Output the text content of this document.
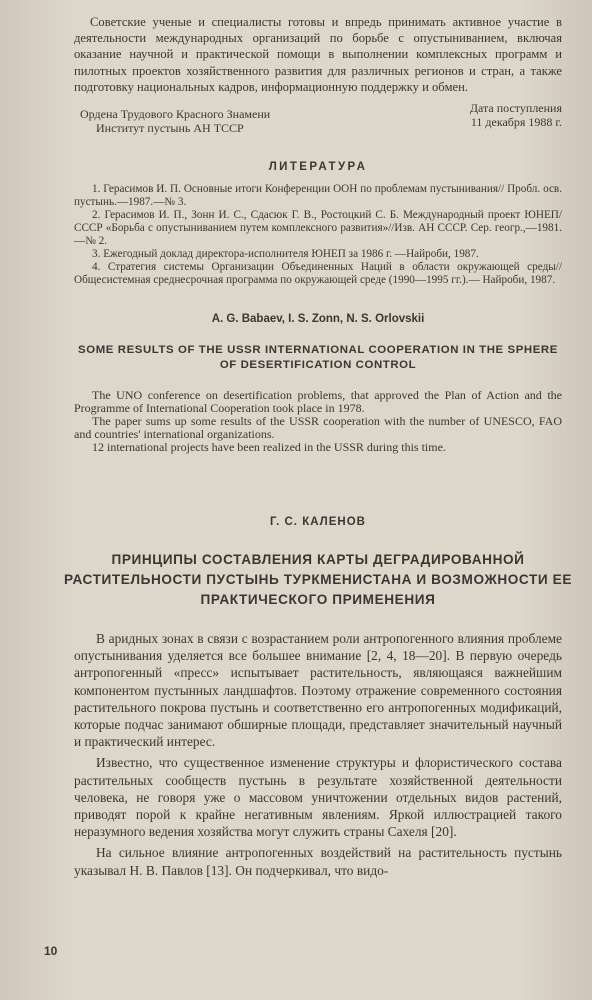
Советские ученые и специалисты готовы и впредь принимать активное участие в деятельности международных организаций по борьбе с опустыниванием, включая оказание научной и практической помощи в выполнении комплексных программ и пилотных проектов хозяйственного развития для различных регионов и стран, а также подготовку национальных кадров, информационную поддержку и обмен.

Ордена Трудового Красного Знамени
Институт пустынь АН ТССР
Дата поступления
11 декабря 1988 г.
ЛИТЕРАТУРА

1. Герасимов И. П. Основные итоги Конференции ООН по проблемам пустынивания// Пробл. осв. пустынь.—1987.—№ 3.

2. Герасимов И. П., Зонн И. С., Сдасюк Г. В., Ростоцкий С. Б. Международный проект ЮНЕП/СССР «Борьба с опустыниванием путем комплексного развития»//Изв. АН СССР. Сер. геогр.,—1981.—№ 2.

3. Ежегодный доклад директора-исполнителя ЮНЕП за 1986 г. —Найроби, 1987.

4. Стратегия системы Организации Объединенных Наций в области окружающей среды//Общесистемная среднесрочная программа по окружающей среде (1990—1995 гг.).— Найроби, 1987.

A. G. Babaev, I. S. Zonn, N. S. Orlovskii
SOME RESULTS OF THE USSR INTERNATIONAL COOPERATION IN THE SPHERE OF DESERTIFICATION CONTROL

The UNO conference on desertification problems, that approved the Plan of Action and the Programme of International Cooperation took place in 1978.

The paper sums up some results of the USSR cooperation with the number of UNESCO, FAO and countries' international organizations.

12 international projects have been realized in the USSR during this time.

Г. С. КАЛЕНОВ
ПРИНЦИПЫ СОСТАВЛЕНИЯ КАРТЫ ДЕГРАДИРОВАННОЙ РАСТИТЕЛЬНОСТИ ПУСТЫНЬ ТУРКМЕНИСТАНА И ВОЗМОЖНОСТИ ЕЕ ПРАКТИЧЕСКОГО ПРИМЕНЕНИЯ

В аридных зонах в связи с возрастанием роли антропогенного влияния проблеме опустынивания уделяется все большее внимание [2, 4, 18—20]. В первую очередь антропогенный «пресс» испытывает растительность, являющаяся важнейшим компонентом пустынных ландшафтов. Поэтому отражение современного состояния растительного покрова пустынь и соответственно его антропогенных модификаций, которые подчас занимают обширные площади, представляет значительный научный и практический интерес.

Известно, что существенное изменение структуры и флористического состава растительных сообществ пустынь в результате хозяйственной деятельности человека, не говоря уже о массовом уничтожении отдельных видов растений, приводят порой к крайне негативным явлениям. Яркой иллюстрацией такого неразумного ведения хозяйства могут служить страны Сахеля [20].

На сильное влияние антропогенных воздействий на растительность пустынь указывал Н. В. Павлов [13]. Он подчеркивал, что видо-

10
